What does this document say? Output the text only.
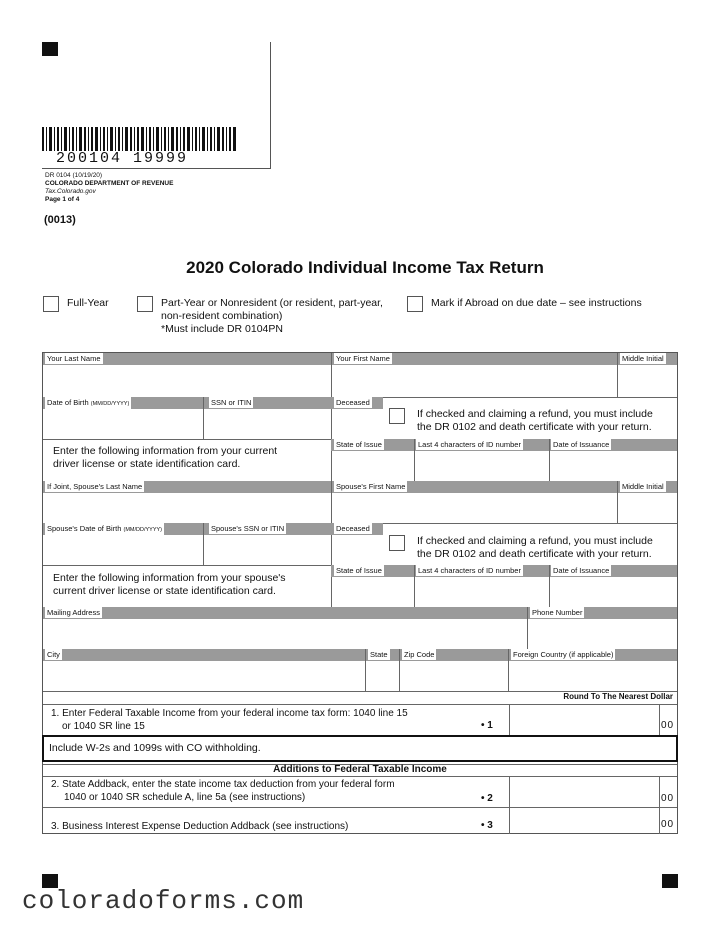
200104 19999
DR 0104 (10/19/20)
COLORADO DEPARTMENT OF REVENUE
Tax.Colorado.gov
Page 1 of 4
(0013)
2020 Colorado Individual Income Tax Return
Full-Year	Part-Year or Nonresident (or resident, part-year,
non-resident combination)
*Must include DR 0104PN
Mark if Abroad on due date – see instructions
Your Last Name	Your First Name	Middle Initial
Date of Birth (MM/DD/YYYY)	SSN or ITIN	Deceased
If checked and claiming a refund, you must include
the DR 0102 and death certificate with your return.
Enter the following information from your current
driver license or state identification card.
State of Issue	Last 4 characters of ID number	Date of Issuance
If Joint, Spouse's Last Name	Spouse's First Name	Middle Initial
Spouse's Date of Birth (MM/DD/YYYY)	Spouse's SSN or ITIN	Deceased
If checked and claiming a refund, you must include
the DR 0102 and death certificate with your return.
Enter the following information from your spouse's
current driver license or state identification card.
State of Issue	Last 4 characters of ID number	Date of Issuance
Mailing Address	Phone Number
City	State Zip Code	Foreign Country (if applicable)
Round To The Nearest Dollar
1. Enter Federal Taxable Income from your federal income tax form: 1040 line 15
or 1040 SR line 15	• 1	00
Additions to Federal Taxable Income
2. State Addback, enter the state income tax deduction from your federal form
1040 or 1040 SR schedule A, line 5a (see instructions)	• 2	00
3. Business Interest Expense Deduction Addback (see instructions)	• 3	00
Include W-2s and 1099s with CO withholding.
coloradoforms.com
